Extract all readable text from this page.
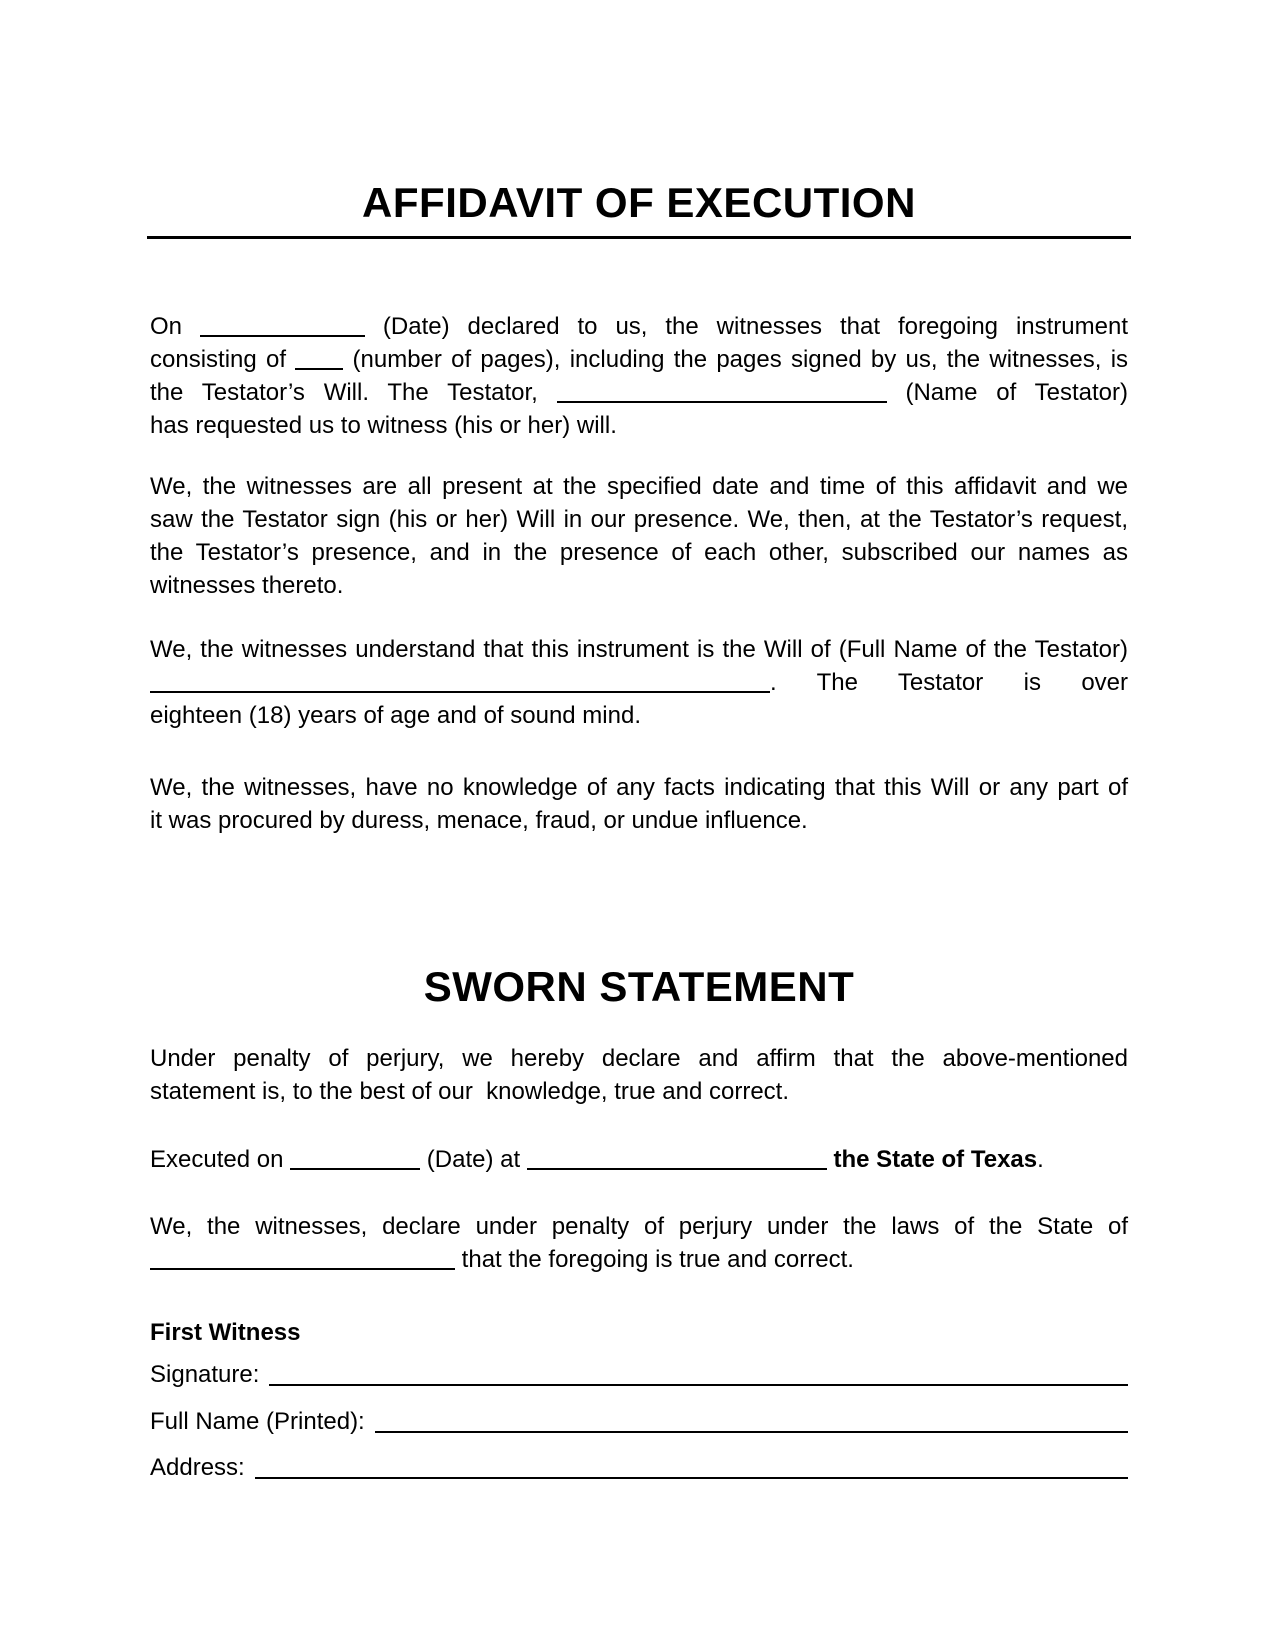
AFFIDAVIT OF EXECUTION
On	(Date) declared to us, the witnesses that foregoing instrument
consisting of	(number of pages), including the pages signed by us, the witnesses, is
the Testator’s Will. The Testator,	(Name of Testator)
has requested us to witness (his or her) will.
We, the witnesses are all present at the specified date and time of this affidavit and we
saw the Testator sign (his or her) Will in our presence. We, then, at the Testator’s request,
the Testator’s presence, and in the presence of each other, subscribed our names as
witnesses thereto.
We, the witnesses understand that this instrument is the Will of (Full Name of the Testator)
. The Testator is over
eighteen (18) years of age and of sound mind.
We, the witnesses, have no knowledge of any facts indicating that this Will or any part of
it was procured by duress, menace, fraud, or undue influence.
SWORN STATEMENT
Under penalty of perjury, we hereby declare and affirm that the above-mentioned
statement is, to the best of our  knowledge, true and correct.
Executed on	(Date) at	the State of Texas.
We, the witnesses, declare under penalty of perjury under the laws of the State of
that the foregoing is true and correct.
First Witness
Signature:
Full Name (Printed):
Address:
